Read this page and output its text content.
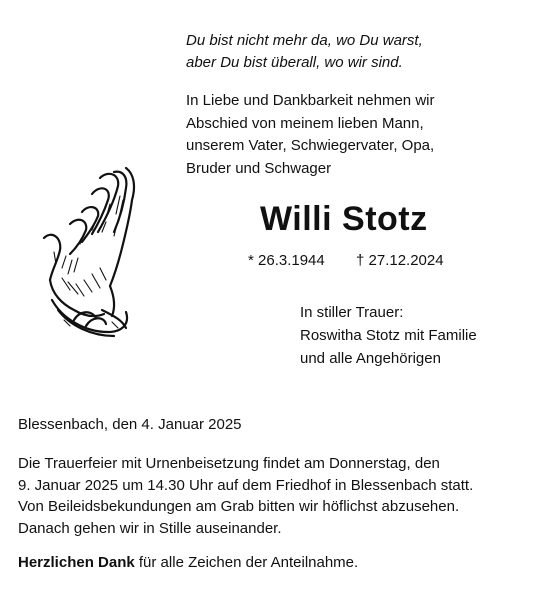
Du bist nicht mehr da, wo Du warst,
aber Du bist überall, wo wir sind.
In Liebe und Dankbarkeit nehmen wir
Abschied von meinem lieben Mann,
unserem Vater, Schwiegervater, Opa,
Bruder und Schwager
Willi Stotz
* 26.3.1944 † 27.12.2024
In stiller Trauer:
Roswitha Stotz mit Familie
und alle Angehörigen
Blessenbach, den 4. Januar 2025
Die Trauerfeier mit Urnenbeisetzung findet am Donnerstag, den
9. Januar 2025 um 14.30 Uhr auf dem Friedhof in Blessenbach statt.
Von Beileidsbekundungen am Grab bitten wir höflichst abzusehen.
Danach gehen wir in Stille auseinander.
Herzlichen Dank für alle Zeichen der Anteilnahme.
